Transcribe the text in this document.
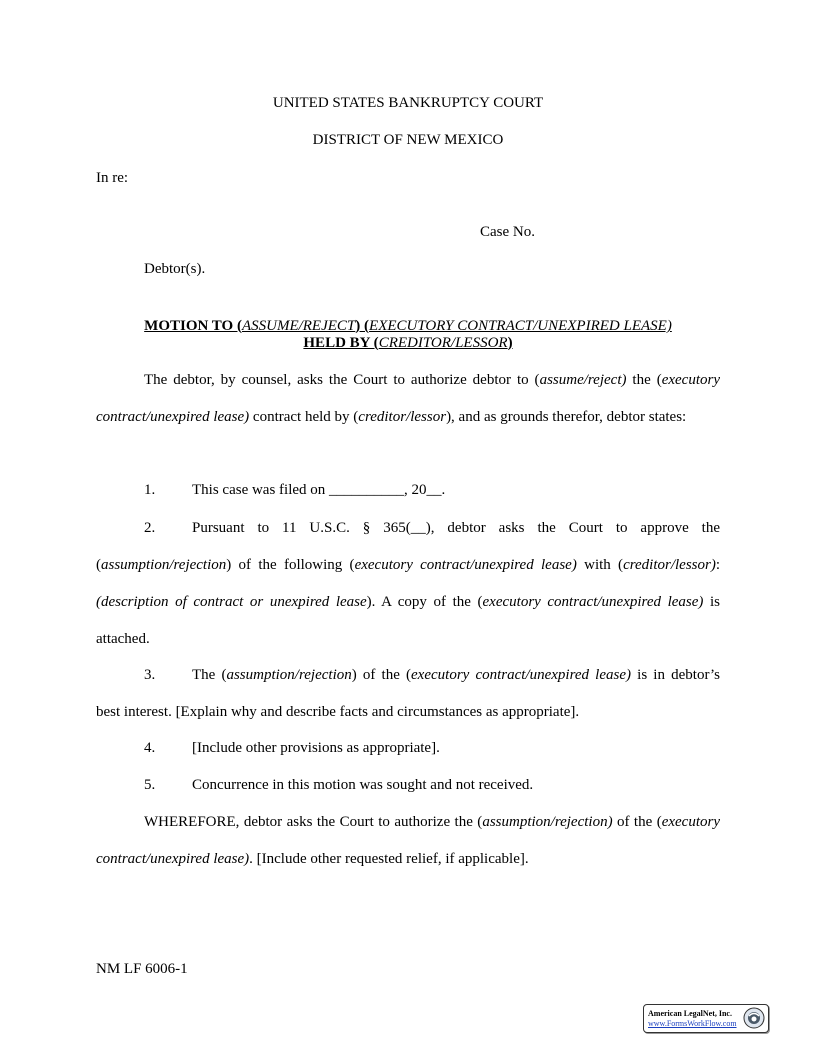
UNITED STATES BANKRUPTCY COURT
DISTRICT OF NEW MEXICO
In re:
Case No.
Debtor(s).
MOTION TO (ASSUME/REJECT) (EXECUTORY CONTRACT/UNEXPIRED LEASE)
HELD BY (CREDITOR/LESSOR)
The debtor, by counsel, asks the Court to authorize debtor to (assume/reject) the (executory contract/unexpired lease) contract held by (creditor/lessor), and as grounds therefor, debtor states:
1. This case was filed on __________, 20__.
2. Pursuant to 11 U.S.C. § 365(__), debtor asks the Court to approve the (assumption/rejection) of the following (executory contract/unexpired lease) with (creditor/lessor): (description of contract or unexpired lease). A copy of the (executory contract/unexpired lease) is attached.
3. The (assumption/rejection) of the (executory contract/unexpired lease) is in debtor’s best interest. [Explain why and describe facts and circumstances as appropriate].
4. [Include other provisions as appropriate].
5. Concurrence in this motion was sought and not received.
WHEREFORE, debtor asks the Court to authorize the (assumption/rejection) of the (executory contract/unexpired lease). [Include other requested relief, if applicable].
NM LF 6006-1
American LegalNet, Inc.
www.FormsWorkFlow.com
